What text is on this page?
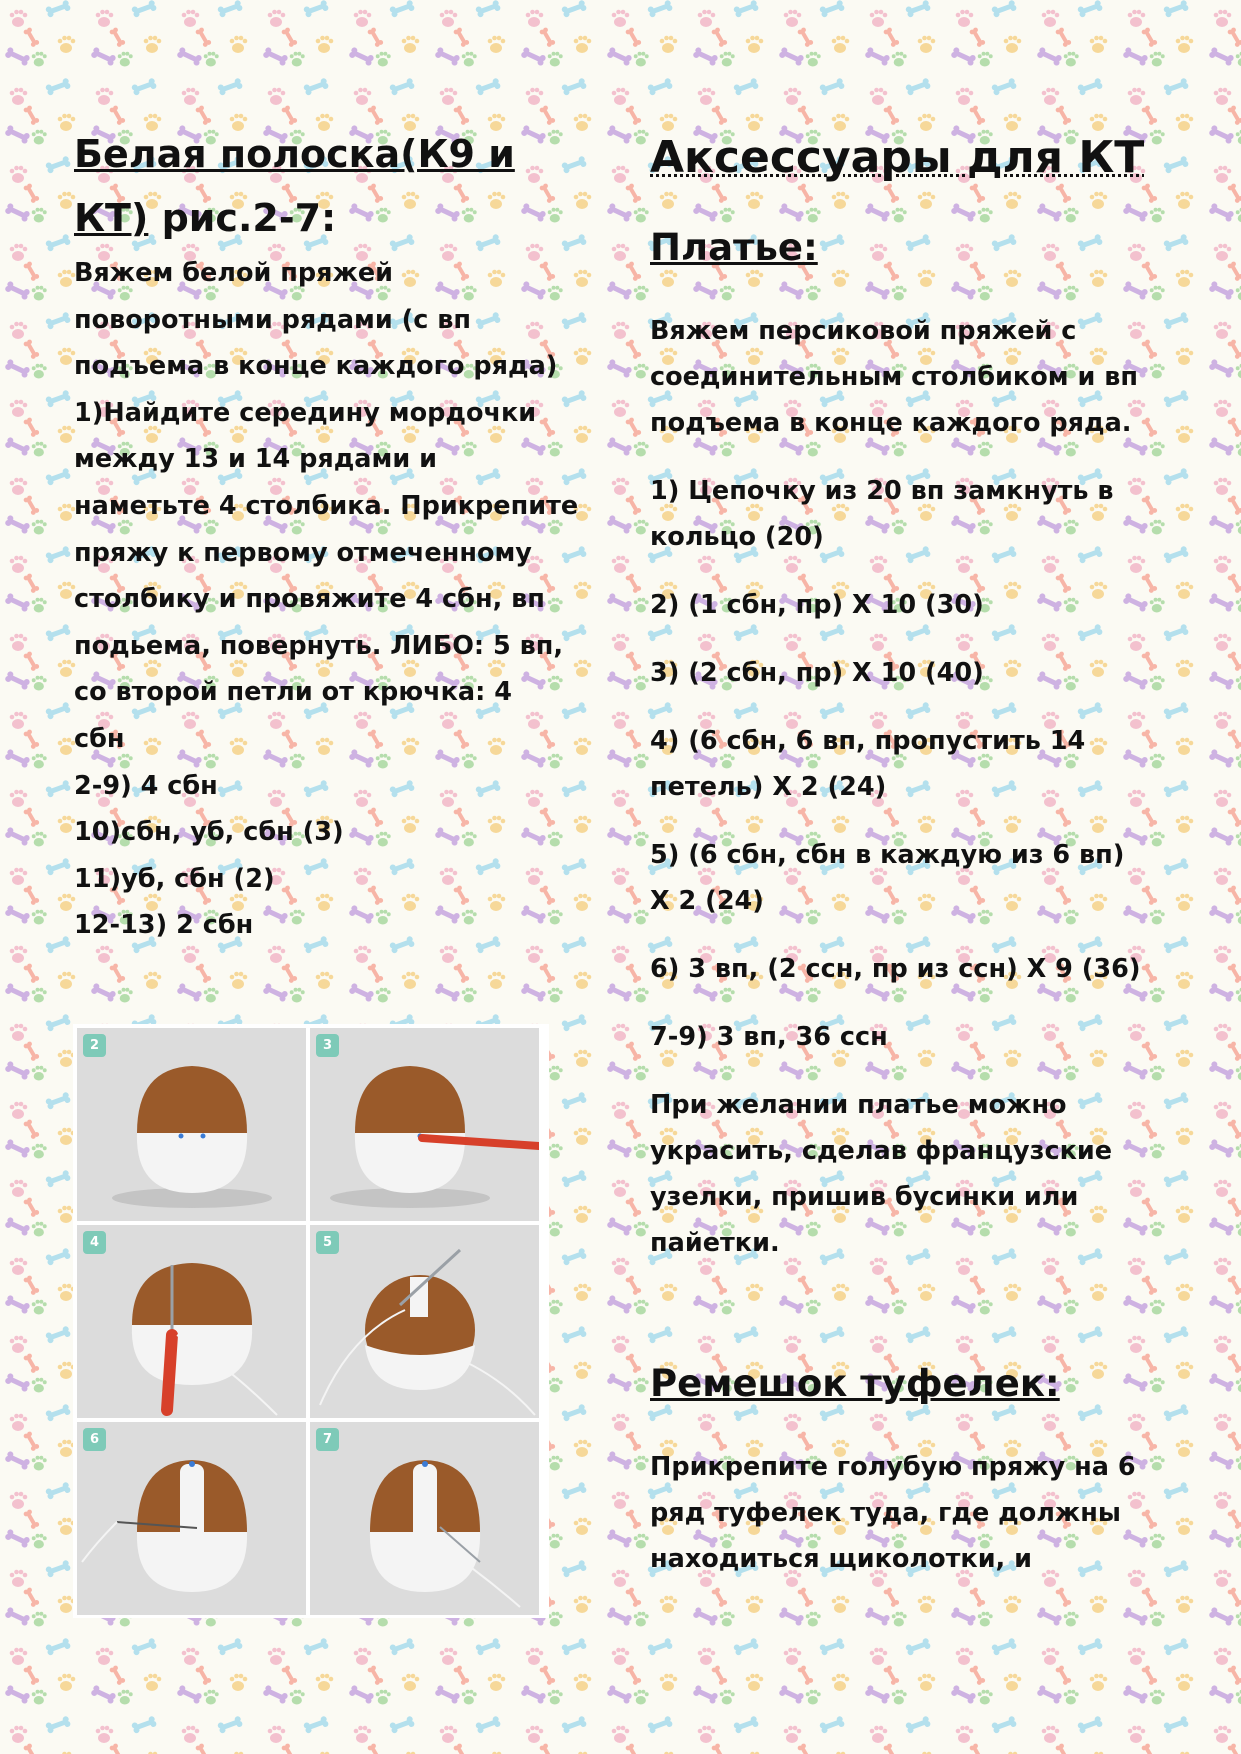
Белая полоска(К9 и
КТ) рис.2-7:

Вяжем белой пряжей
поворотными рядами (с вп
подъема в конце каждого ряда)
1)Найдите середину мордочки
между 13 и 14 рядами и
наметьте 4 столбика. Прикрепите
пряжу к первому отмеченному
столбику и провяжите 4 сбн, вп
подьема, повернуть. ЛИБО: 5 вп,
со второй петли от крючка: 4
сбн
2-9) 4 сбн
10)сбн, уб, сбн (3)
11)уб, сбн (2)
12-13) 2 сбн

2	3
4	5
6	7
Аксессуары для КТ
Платье:

Вяжем персиковой пряжей с соединительным столбиком и вп подъема в конце каждого ряда.

1) Цепочку из 20 вп замкнуть в кольцо (20)

2) (1 сбн, пр) Х 10 (30)

3) (2 сбн, пр) Х 10 (40)

4) (6 сбн, 6 вп, пропустить 14 петель) Х 2 (24)

5) (6 сбн, сбн в каждую из 6 вп) Х 2 (24)

6) 3 вп, (2 ссн, пр из ссн) Х 9 (36)

7-9) 3 вп, 36 ссн

При желании платье можно украсить, сделав французские узелки, пришив бусинки или пайетки.

Ремешок туфелек:

Прикрепите голубую пряжу на 6 ряд туфелек туда, где должны находиться щиколотки, и
